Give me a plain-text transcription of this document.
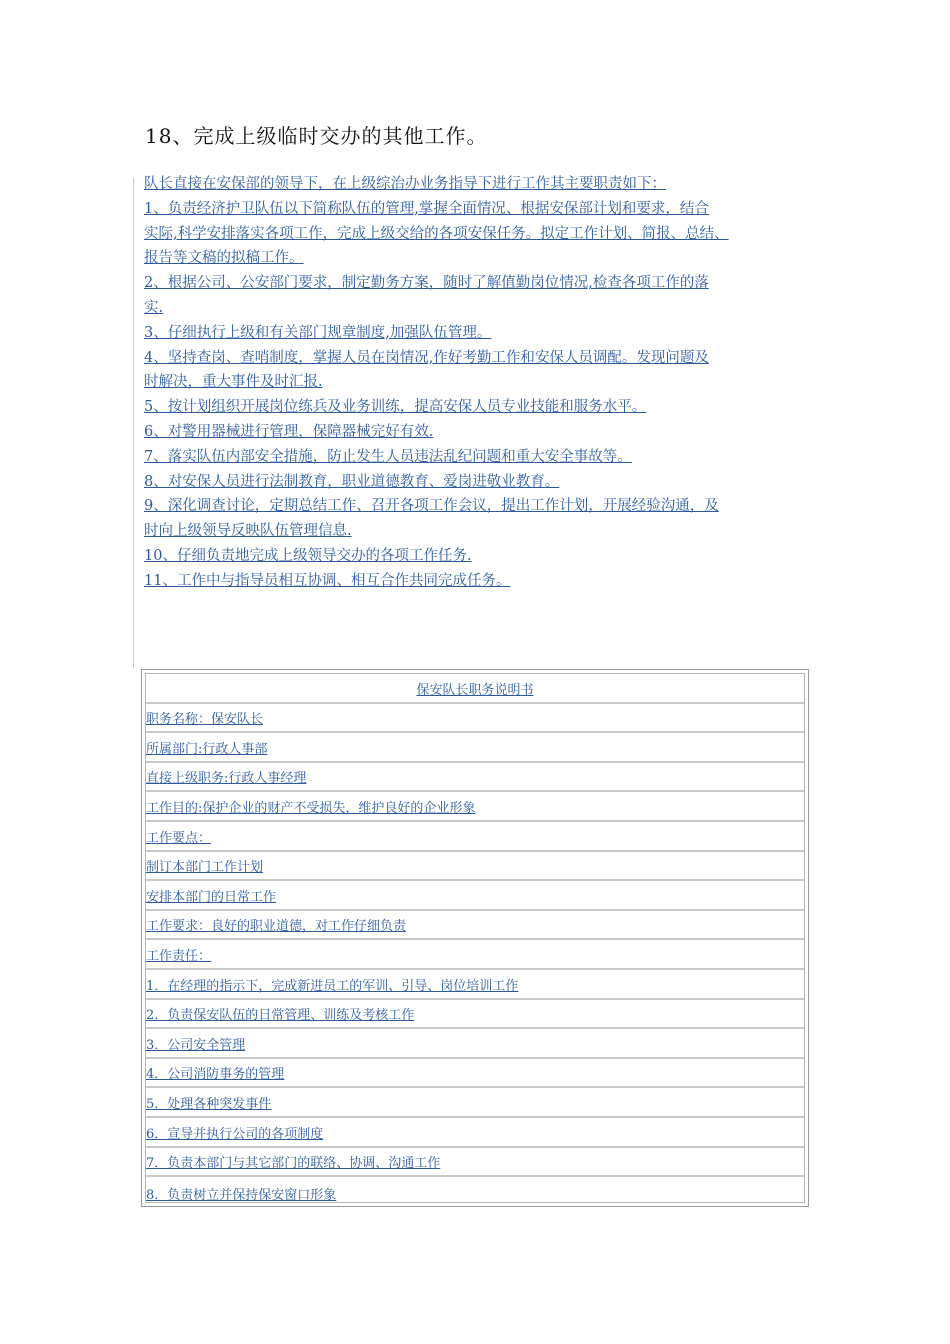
18、完成上级临时交办的其他工作。
队长直接在安保部的领导下，在上级综治办业务指导下进行工作其主要职责如下：
1、负责经济护卫队伍以下简称队伍的管理,掌握全面情况、根据安保部计划和要求，结合
实际,科学安排落实各项工作，完成上级交给的各项安保任务。拟定工作计划、简报、总结、
报告等文稿的拟稿工作。
2、根据公司、公安部门要求，制定勤务方案，随时了解值勤岗位情况,检查各项工作的落
实.
3、仔细执行上级和有关部门规章制度,加强队伍管理。
4、坚持查岗、查哨制度，掌握人员在岗情况,作好考勤工作和安保人员调配。发现问题及
时解决，重大事件及时汇报.
5、按计划组织开展岗位练兵及业务训练，提高安保人员专业技能和服务水平。
6、对警用器械进行管理，保障器械完好有效.
7、落实队伍内部安全措施，防止发生人员违法乱纪问题和重大安全事故等。
8、对安保人员进行法制教育，职业道德教育、爱岗进敬业教育。
9、深化调查讨论，定期总结工作、召开各项工作会议，提出工作计划，开展经验沟通，及
时向上级领导反映队伍管理信息.
10、仔细负责地完成上级领导交办的各项工作任务.
11、工作中与指导员相互协调、相互合作共同完成任务。
保安队长职务说明书
职务名称：保安队长
所属部门:行政人事部
直接上级职务:行政人事经理
工作目的:保护企业的财产不受损失，维护良好的企业形象
工作要点：
制订本部门工作计划
安排本部门的日常工作
工作要求：良好的职业道德，对工作仔细负责
工作责任：
1．在经理的指示下，完成新进员工的军训、引导、岗位培训工作
2．负责保安队伍的日常管理、训练及考核工作
3．公司安全管理
4．公司消防事务的管理
5．处理各种突发事件
6．宣导并执行公司的各项制度
7．负责本部门与其它部门的联络、协调、沟通工作
8．负责树立并保持保安窗口形象
